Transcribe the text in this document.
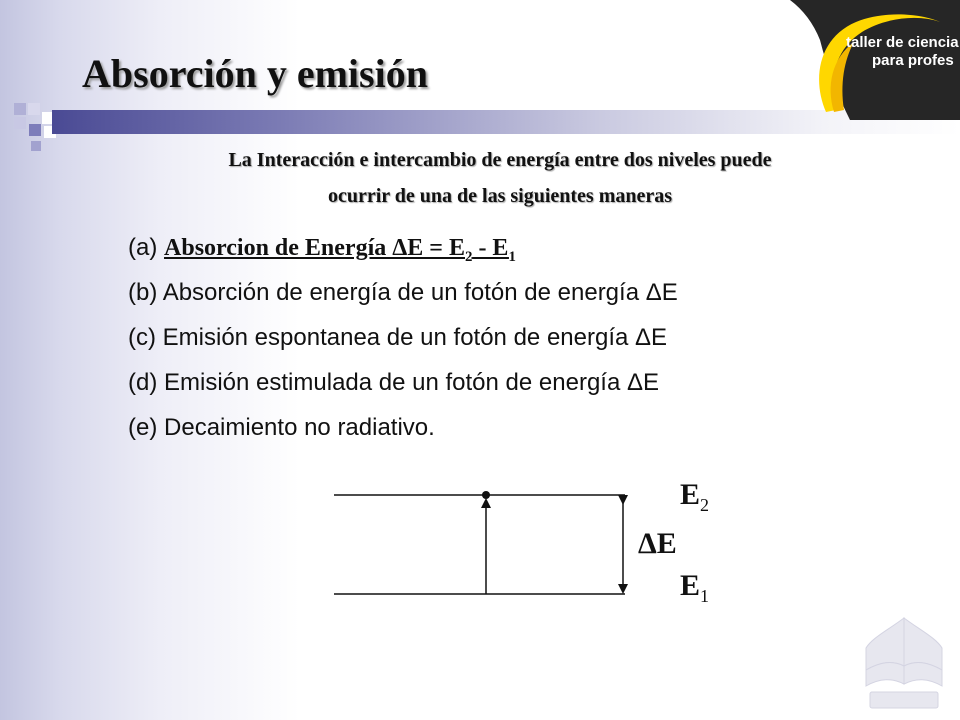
Absorción y emisión

La Interacción e intercambio de energía entre dos niveles puede

ocurrir de una de las siguientes maneras

(a) Absorcion de Energía $\Delta E = E_2 - E_1$
(b) Absorción de energía de un fotón de energía ΔE
(c) Emisión espontanea de un fotón de energía ΔE
(d) Emisión estimulada de un fotón de energía ΔE
(e) Decaimiento no radiativo.
$E_2$
ΔE
$E_1$
taller de ciencia
para profes
